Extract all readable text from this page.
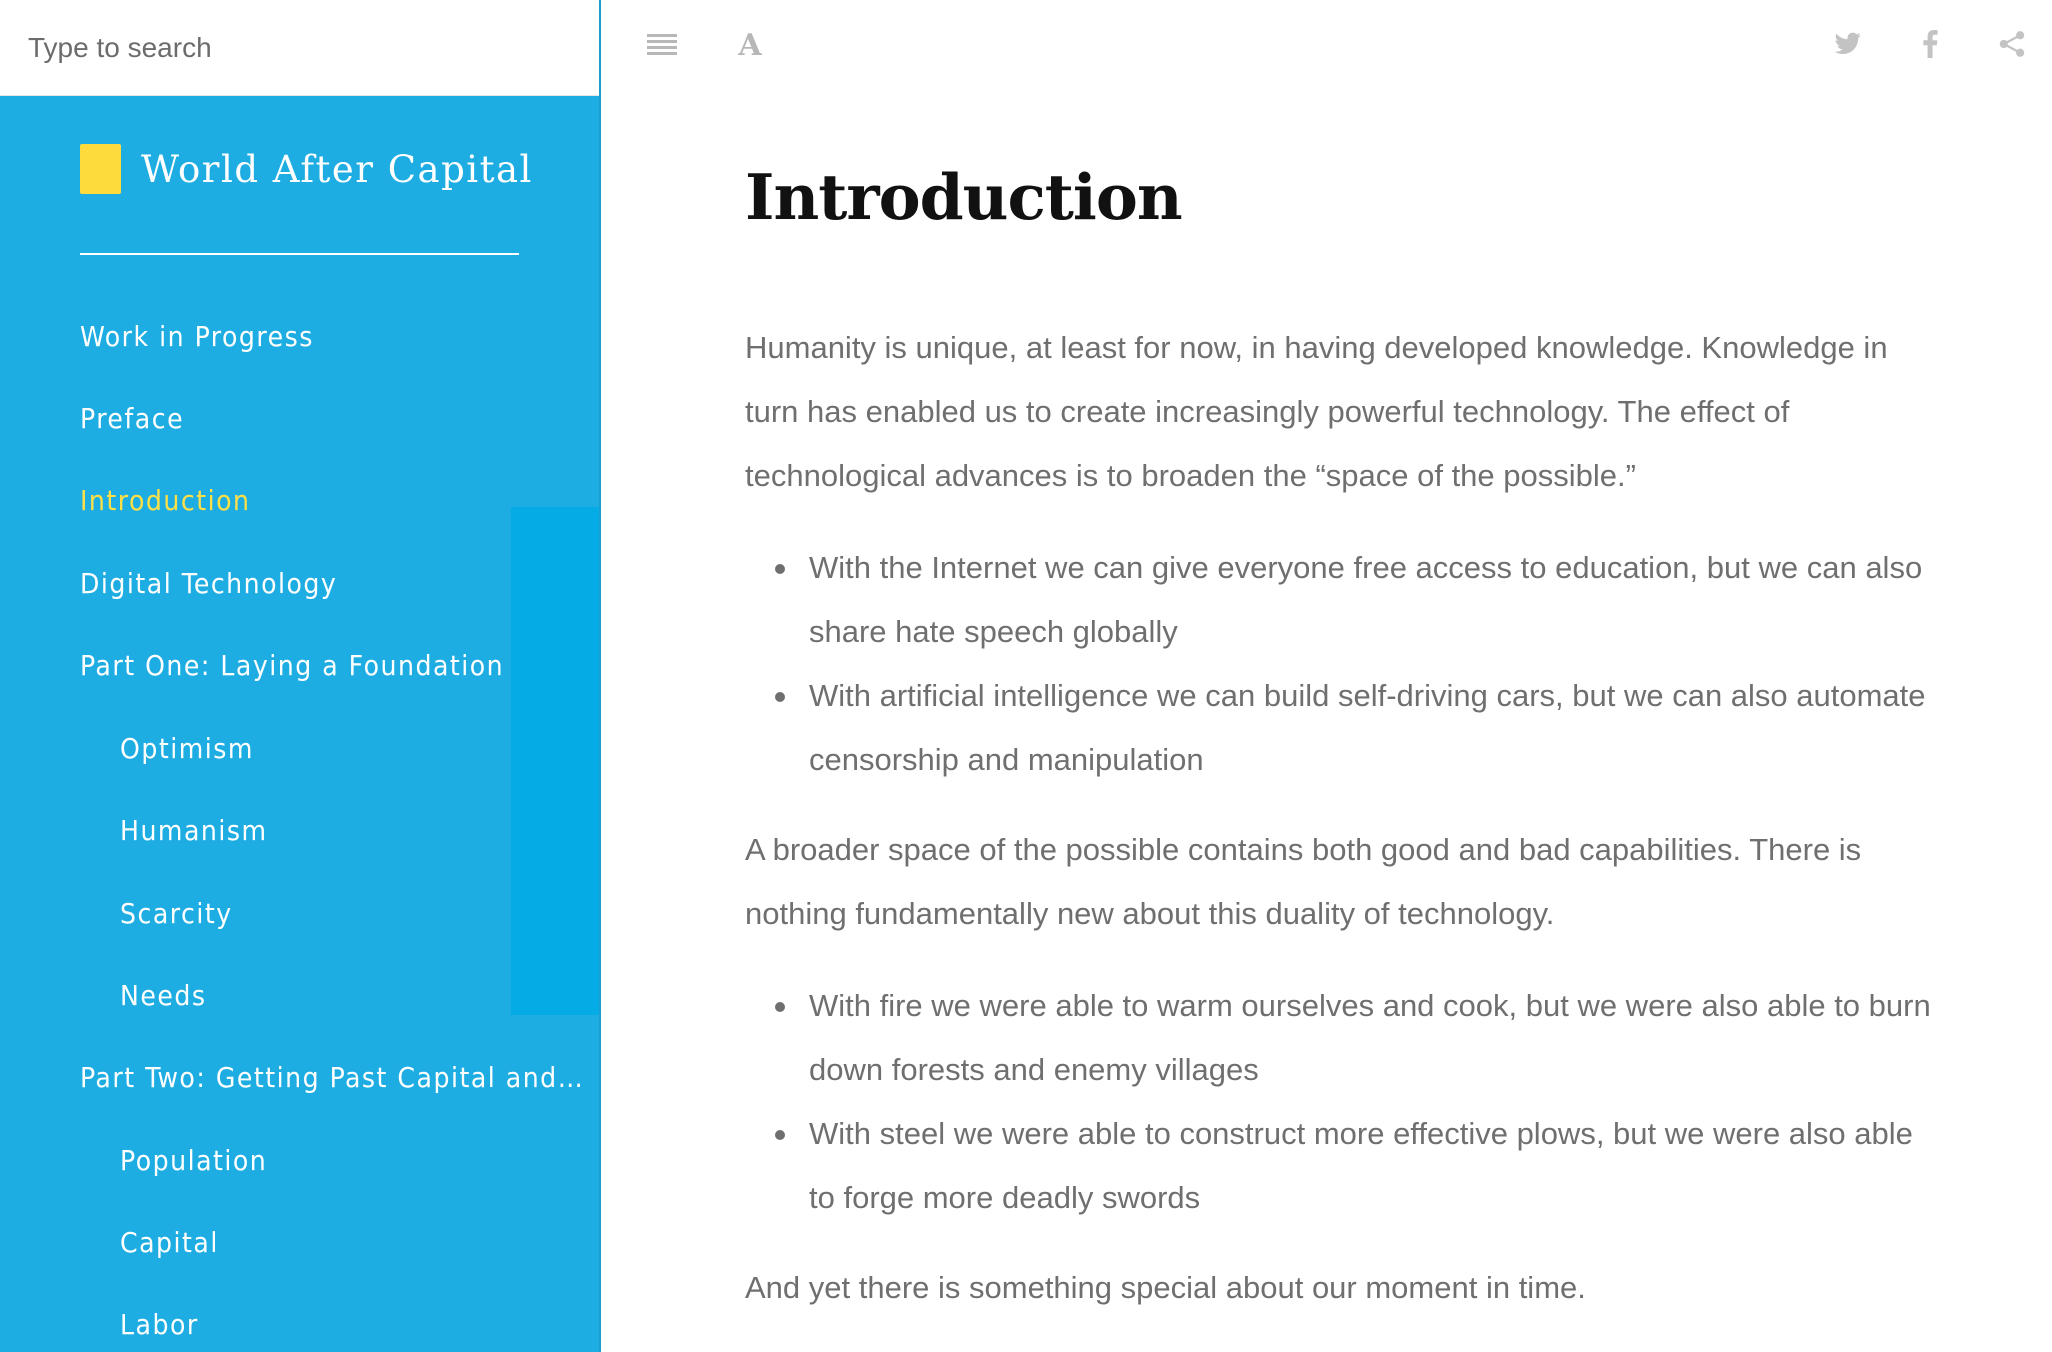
Type to search
World After Capital
Work in Progress
Preface
Introduction
Digital Technology
Part One: Laying a Foundation
Optimism
Humanism
Scarcity
Needs
Part Two: Getting Past Capital and…
Population
Capital
Labor
A
Introduction

Humanity is unique, at least for now, in having developed knowledge. Knowledge in turn has enabled us to create increasingly powerful technology. The effect of technological advances is to broaden the “space of the possible.”

With the Internet we can give everyone free access to education, but we can also share hate speech globally
With artificial intelligence we can build self-driving cars, but we can also automate censorship and manipulation

A broader space of the possible contains both good and bad capabilities. There is nothing fundamentally new about this duality of technology.

With fire we were able to warm ourselves and cook, but we were also able to burn down forests and enemy villages
With steel we were able to construct more effective plows, but we were also able to forge more deadly swords

And yet there is something special about our moment in time.
